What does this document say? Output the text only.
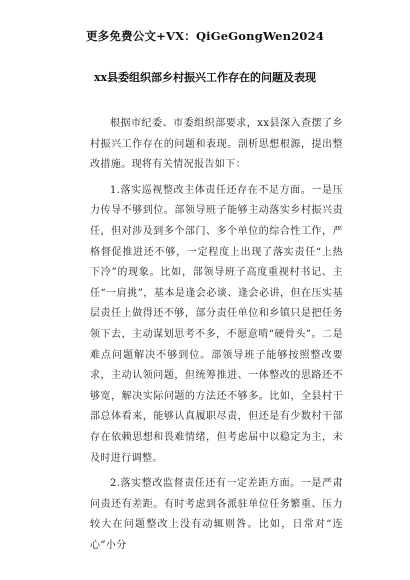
更多免费公文+VX：QiGeGongWen2024
xx县委组织部乡村振兴工作存在的问题及表现

根据市纪委、市委组织部要求，xx县深入查摆了乡村振兴工作存在的问题和表现。剖析思想根源，提出整改措施。现将有关情况报告如下：

1.落实巡视整改主体责任还存在不足方面。一是压力传导不够到位。部领导班子能够主动落实乡村振兴责任，但对涉及到多个部门、多个单位的综合性工作，严格督促推进还不够，一定程度上出现了落实责任“上热下冷”的现象。比如，部领导班子高度重视村书记、主任“一肩挑”，基本是逢会必谈、逢会必讲，但在压实基层责任上做得还不够，部分责任单位和乡镇只是把任务领下去，主动谋划思考不多，不愿意啃“硬骨头”。二是难点问题解决不够到位。部领导班子能够按照整改要求，主动认领问题，但统筹推进、一体整改的思路还不够宽，解决实际问题的方法还不够多。比如，全县村干部总体看来，能够认真履职尽责，但还是有少数村干部存在依赖思想和畏难情绪，但考虑届中以稳定为主，未及时进行调整。

2.落实整改监督责任还有一定差距方面。一是严肃问责还有差距。有时考虑到各派驻单位任务繁重、压力较大在问题整改上没有动辄则咎。比如，日常对“连心”小分
